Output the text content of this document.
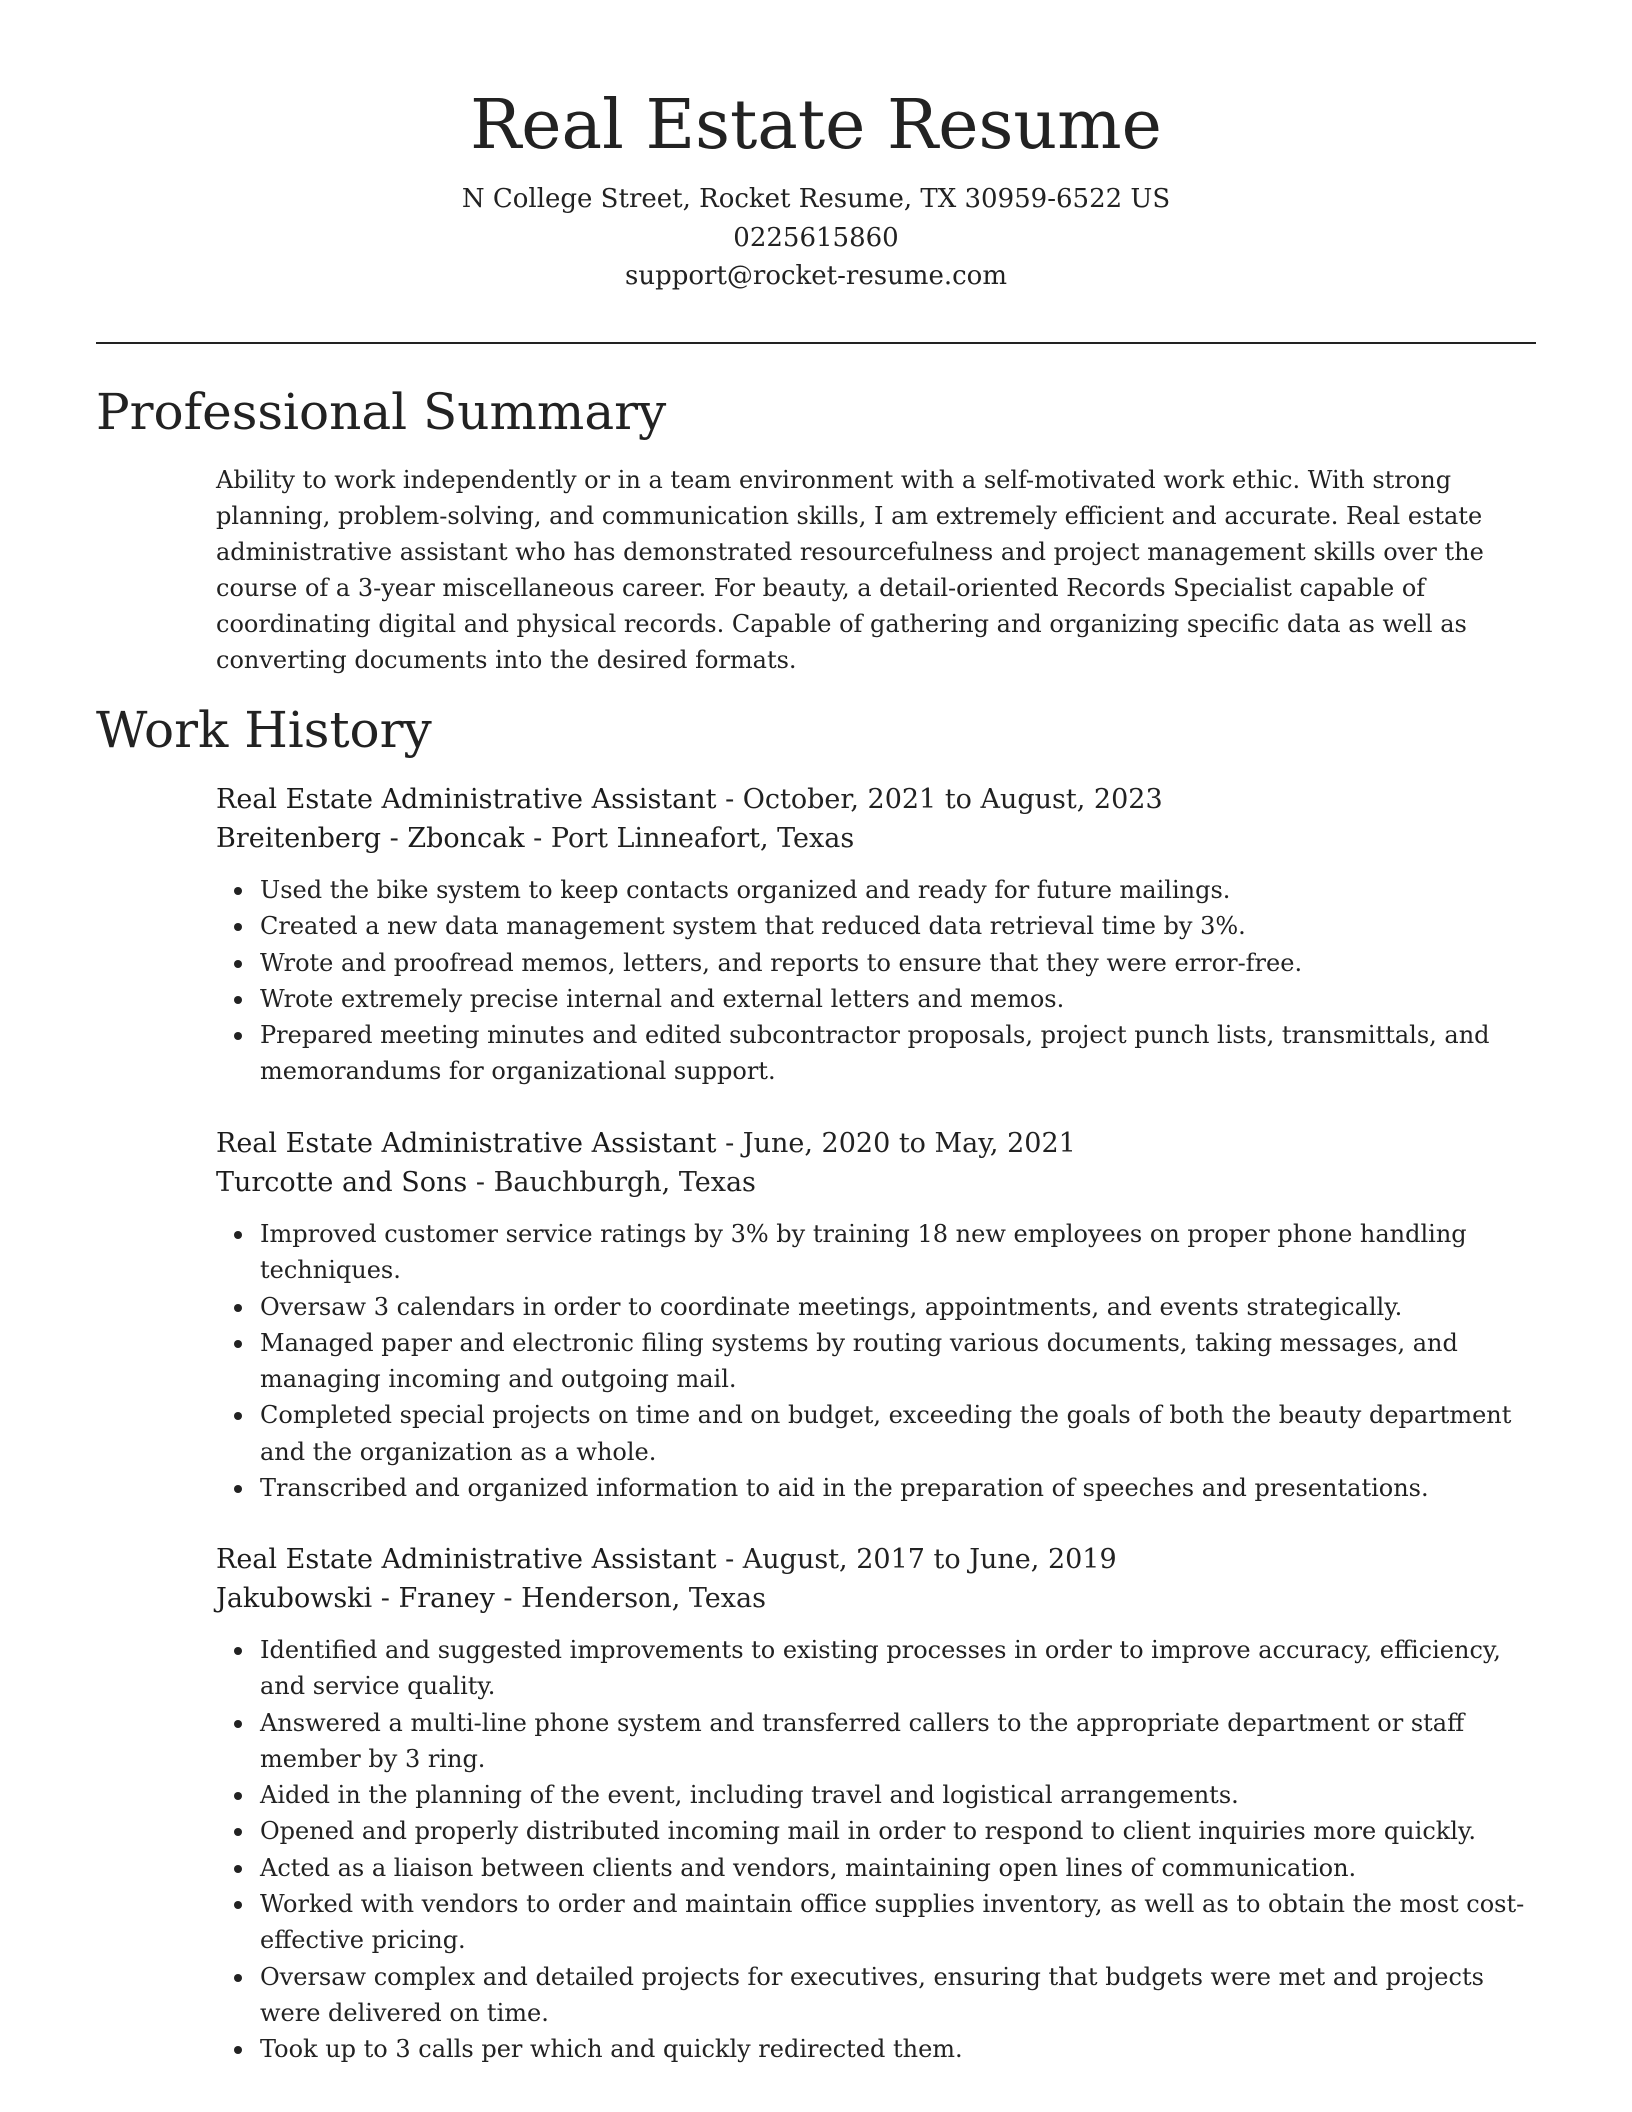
Real Estate Resume
N College Street, Rocket Resume, TX 30959-6522 US
0225615860
support@rocket-resume.com
Professional Summary

Ability to work independently or in a team environment with a self-motivated work ethic. With strong planning, problem-solving, and communication skills, I am extremely efficient and accurate. Real estate administrative assistant who has demonstrated resourcefulness and project management skills over the course of a 3-year miscellaneous career. For beauty, a detail-oriented Records Specialist capable of coordinating digital and physical records. Capable of gathering and organizing specific data as well as converting documents into the desired formats.

Work History
Real Estate Administrative Assistant - October, 2021 to August, 2023
Breitenberg - Zboncak - Port Linneafort, Texas
Used the bike system to keep contacts organized and ready for future mailings.
Created a new data management system that reduced data retrieval time by 3%.
Wrote and proofread memos, letters, and reports to ensure that they were error-free.
Wrote extremely precise internal and external letters and memos.
Prepared meeting minutes and edited subcontractor proposals, project punch lists, transmittals, and memorandums for organizational support.
Real Estate Administrative Assistant - June, 2020 to May, 2021
Turcotte and Sons - Bauchburgh, Texas
Improved customer service ratings by 3% by training 18 new employees on proper phone handling techniques.
Oversaw 3 calendars in order to coordinate meetings, appointments, and events strategically.
Managed paper and electronic filing systems by routing various documents, taking messages, and managing incoming and outgoing mail.
Completed special projects on time and on budget, exceeding the goals of both the beauty department and the organization as a whole.
Transcribed and organized information to aid in the preparation of speeches and presentations.
Real Estate Administrative Assistant - August, 2017 to June, 2019
Jakubowski - Franey - Henderson, Texas
Identified and suggested improvements to existing processes in order to improve accuracy, efficiency, and service quality.
Answered a multi-line phone system and transferred callers to the appropriate department or staff member by 3 ring.
Aided in the planning of the event, including travel and logistical arrangements.
Opened and properly distributed incoming mail in order to respond to client inquiries more quickly.
Acted as a liaison between clients and vendors, maintaining open lines of communication.
Worked with vendors to order and maintain office supplies inventory, as well as to obtain the most cost-effective pricing.
Oversaw complex and detailed projects for executives, ensuring that budgets were met and projects were delivered on time.
Took up to 3 calls per which and quickly redirected them.
